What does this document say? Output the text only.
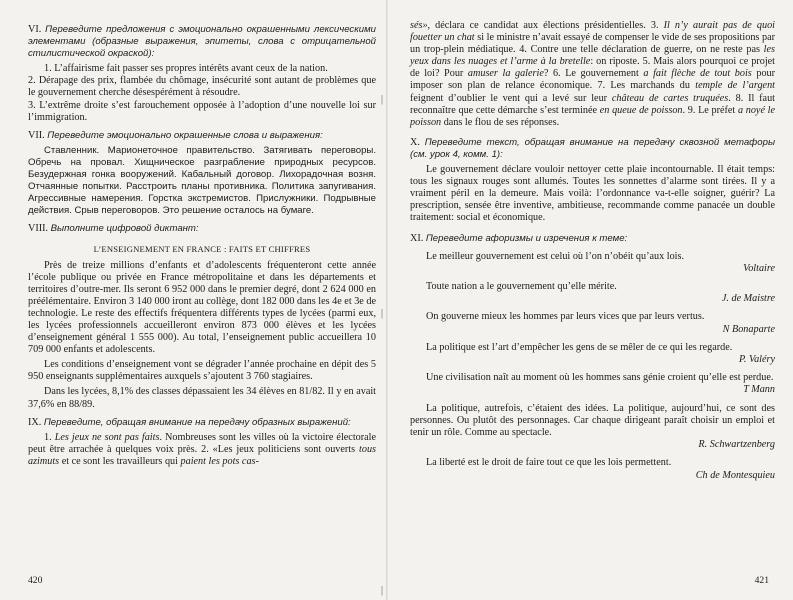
|
|
|

VI. Переведите предложения с эмоционально окрашенными лексическими элементами (образные выражения, эпитеты, слова с отрицательной стилистической окраской):

1. L’affairisme fait passer ses propres intérêts avant ceux de la nation.

2. Dérapage des prix, flambée du chômage, insécurité sont autant de problèmes que le gouvernement cherche désespérément à résoudre.

3. L’extrême droite s’est farouchement opposée à l’adoption d’une nouvelle loi sur l’immigration.

VII. Переведите эмоционально окрашенные слова и выражения:

Ставленник. Марионеточное правительство. Затягивать переговоры. Обречь на провал. Хищническое разграбление природных ресурсов. Безудержная гонка вооружений. Кабальный договор. Лихорадочная возня. Отчаянные попытки. Расстроить планы противника. Политика запугивания. Агрессивные намерения. Горстка экстремистов. Прислужники. Подрывные действия. Срыв переговоров. Это решение осталось на бумаге.

VIII. Выполните цифровой диктант:

L’ENSEIGNEMENT EN FRANCE : FAITS ET CHIFFRES

Près de treize millions d’enfants et d’adolescents fréquenteront cette année l’école publique ou privée en France métropolitaine et dans les départements et territoires d’outre-mer. Ils seront 6 952 000 dans le premier degré, dont 2 624 000 en préélémentaire. Environ 3 140 000 iront au collège, dont 182 000 dans les 4e et 3e de technologie. Le reste des effectifs fréquentera différents types de lycées (parmi eux, les lycées professionnels accueilleront environ 873 000 élèves et les lycées d’enseignement général 1 555 000). Au total, l’enseignement public accueillera 10 709 000 enfants et adolescents.

Les conditions d’enseignement vont se dégrader l’année prochaine en dépit des 5 950 enseignants supplémentaires auxquels s’ajoutent 3 760 stagiaires.

Dans les lycées, 8,1% des classes dépassaient les 34 élèves en 81/82. Il y en avait 37,6% en 88/89.

IX. Переведите, обращая внимание на передачу образных выражений:

1. Les jeux ne sont pas faits. Nombreuses sont les villes où la victoire électorale peut être arrachée à quelques voix près. 2. «Les jeux politiciens sont ouverts tous azimuts et ce sont les travailleurs qui paient les pots cas-

420

sés», déclara ce candidat aux élections présidentielles. 3. Il n’y aurait pas de quoi fouetter un chat si le ministre n’avait essayé de compenser le vide de ses propositions par un trop-plein médiatique. 4. Contre une telle déclaration de guerre, on ne reste pas les yeux dans les nuages et l’arme à la bretelle: on riposte. 5. Mais alors pourquoi ce projet de loi? Pour amuser la galerie? 6. Le gouvernement a fait flèche de tout bois pour imposer son plan de relance économique. 7. Les marchands du temple de l’argent feignent d’oublier le vent qui a levé sur leur château de cartes truquées. 8. Il faut reconnaître que cette démarche s’est terminée en queue de poisson. 9. Le préfet a noyé le poisson dans le flou de ses réponses.

X. Переведите текст, обращая внимание на передачу сквозной метафоры (см. урок 4, комм. 1):

Le gouvernement déclare vouloir nettoyer cette plaie incontournable. Il était temps: tous les signaux rouges sont allumés. Toutes les sonnettes d’alarme sont tirées. Il y a vraiment péril en la demeure. Mais voilà: l’ordonnance va-t-elle soigner, guérir? La prescription, sensée être inventive, ambitieuse, recommande comme panacée un double traitement: social et économique.

XI. Переведите афоризмы и изречения к теме:

Le meilleur gouvernement est celui où l’on n’obéit qu’aux lois.

Voltaire

Toute nation a le gouvernement qu’elle mérite.

J. de Maistre

On gouverne mieux les hommes par leurs vices que par leurs vertus.

N Bonaparte

La politique est l’art d’empêcher les gens de se mêler de ce qui les regarde.

P. Valéry

Une civilisation naît au moment où les hommes sans génie croient qu’elle est perdue.

T Mann

La politique, autrefois, c’étaient des idées. La politique, aujourd’hui, ce sont des personnes. Ou plutôt des personnages. Car chaque dirigeant paraît choisir un emploi et tenir un rôle. Comme au spectacle.

R. Schwartzenberg

La liberté est le droit de faire tout ce que les lois permettent.

Ch de Montesquieu

421
